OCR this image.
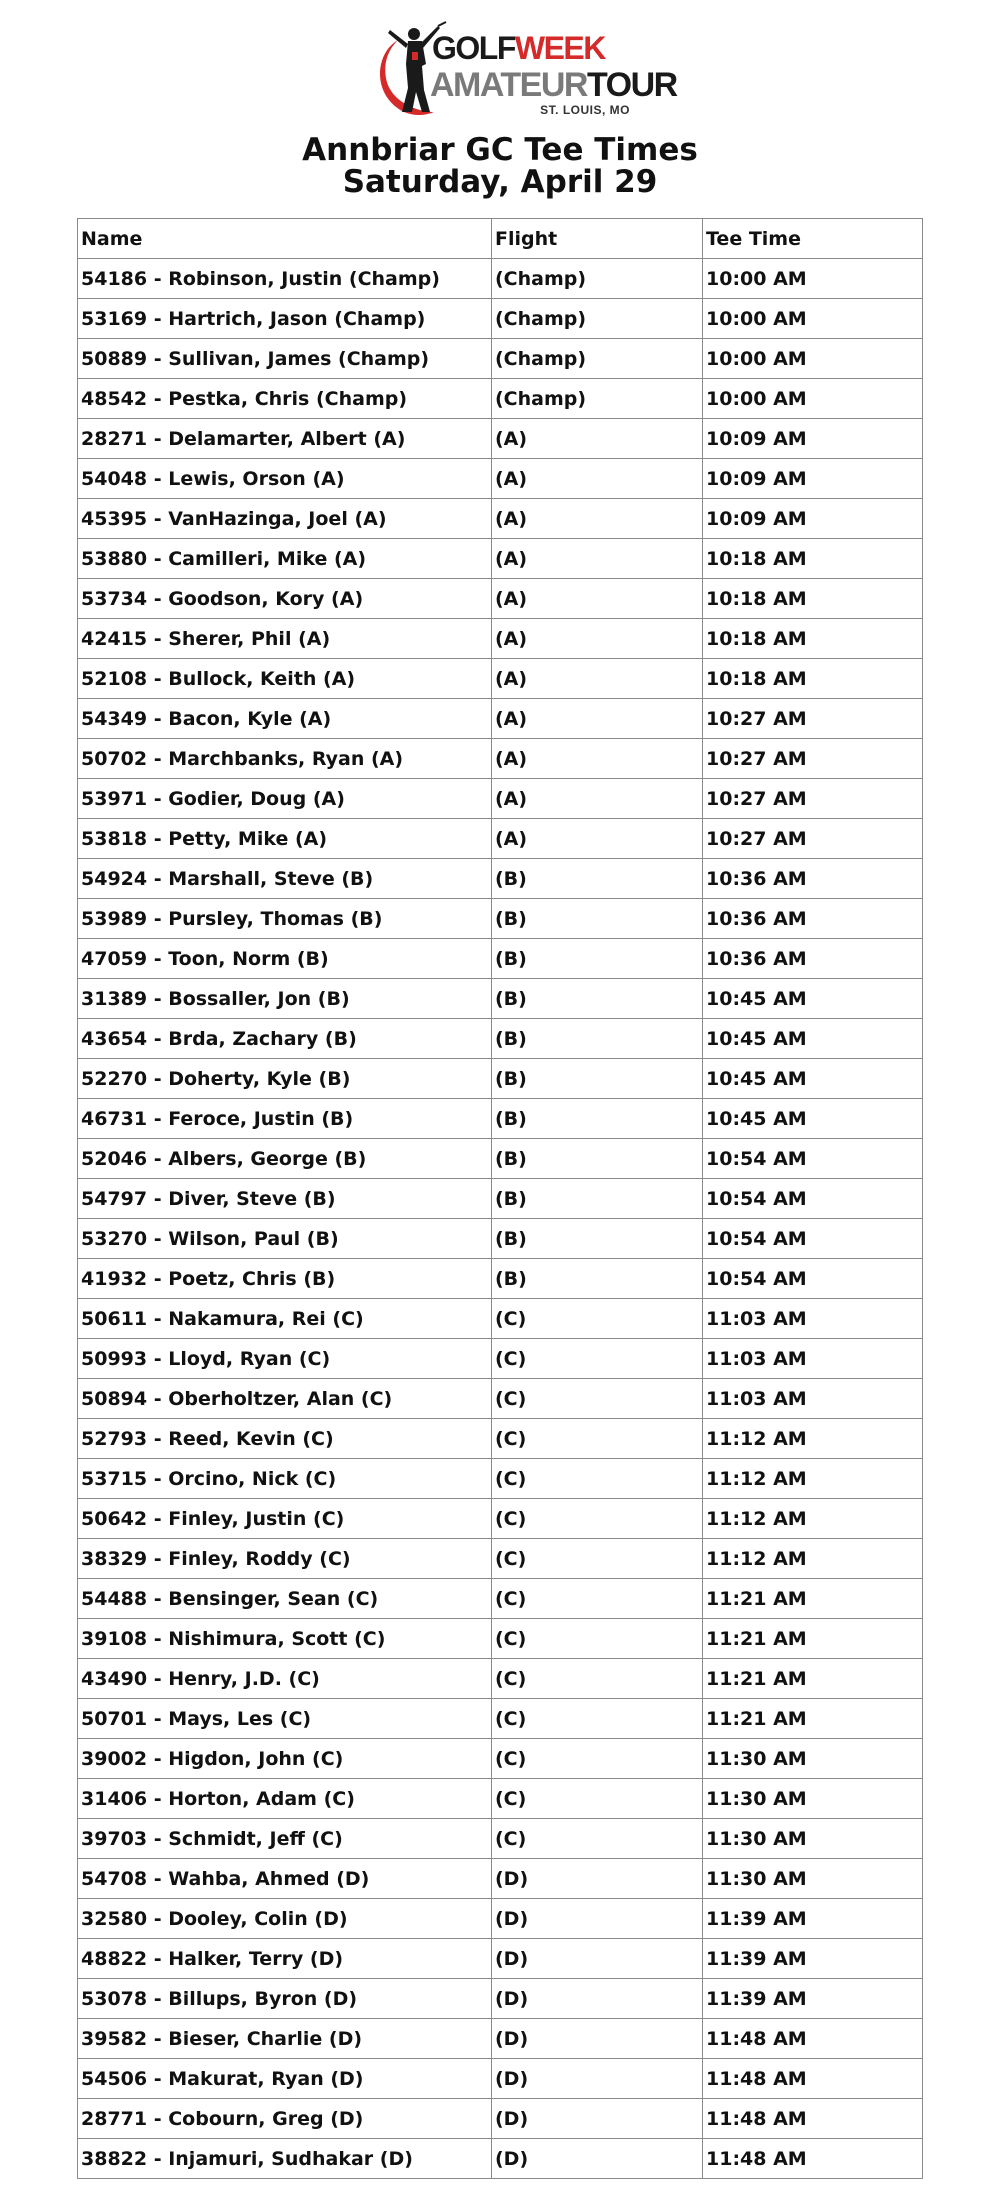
GOLFWEEK
AMATEURTOUR
ST. LOUIS, MO
Annbriar GC Tee Times
Saturday, April 29
Name	Flight	Tee Time
54186 - Robinson, Justin (Champ)	(Champ)	10:00 AM
53169 - Hartrich, Jason (Champ)	(Champ)	10:00 AM
50889 - Sullivan, James (Champ)	(Champ)	10:00 AM
48542 - Pestka, Chris (Champ)	(Champ)	10:00 AM
28271 - Delamarter, Albert (A)	(A)	10:09 AM
54048 - Lewis, Orson (A)	(A)	10:09 AM
45395 - VanHazinga, Joel (A)	(A)	10:09 AM
53880 - Camilleri, Mike (A)	(A)	10:18 AM
53734 - Goodson, Kory (A)	(A)	10:18 AM
42415 - Sherer, Phil (A)	(A)	10:18 AM
52108 - Bullock, Keith (A)	(A)	10:18 AM
54349 - Bacon, Kyle (A)	(A)	10:27 AM
50702 - Marchbanks, Ryan (A)	(A)	10:27 AM
53971 - Godier, Doug (A)	(A)	10:27 AM
53818 - Petty, Mike (A)	(A)	10:27 AM
54924 - Marshall, Steve (B)	(B)	10:36 AM
53989 - Pursley, Thomas (B)	(B)	10:36 AM
47059 - Toon, Norm (B)	(B)	10:36 AM
31389 - Bossaller, Jon (B)	(B)	10:45 AM
43654 - Brda, Zachary (B)	(B)	10:45 AM
52270 - Doherty, Kyle (B)	(B)	10:45 AM
46731 - Feroce, Justin (B)	(B)	10:45 AM
52046 - Albers, George (B)	(B)	10:54 AM
54797 - Diver, Steve (B)	(B)	10:54 AM
53270 - Wilson, Paul (B)	(B)	10:54 AM
41932 - Poetz, Chris (B)	(B)	10:54 AM
50611 - Nakamura, Rei (C)	(C)	11:03 AM
50993 - Lloyd, Ryan (C)	(C)	11:03 AM
50894 - Oberholtzer, Alan (C)	(C)	11:03 AM
52793 - Reed, Kevin (C)	(C)	11:12 AM
53715 - Orcino, Nick (C)	(C)	11:12 AM
50642 - Finley, Justin (C)	(C)	11:12 AM
38329 - Finley, Roddy (C)	(C)	11:12 AM
54488 - Bensinger, Sean (C)	(C)	11:21 AM
39108 - Nishimura, Scott (C)	(C)	11:21 AM
43490 - Henry, J.D. (C)	(C)	11:21 AM
50701 - Mays, Les (C)	(C)	11:21 AM
39002 - Higdon, John (C)	(C)	11:30 AM
31406 - Horton, Adam (C)	(C)	11:30 AM
39703 - Schmidt, Jeff (C)	(C)	11:30 AM
54708 - Wahba, Ahmed (D)	(D)	11:30 AM
32580 - Dooley, Colin (D)	(D)	11:39 AM
48822 - Halker, Terry (D)	(D)	11:39 AM
53078 - Billups, Byron (D)	(D)	11:39 AM
39582 - Bieser, Charlie (D)	(D)	11:48 AM
54506 - Makurat, Ryan (D)	(D)	11:48 AM
28771 - Cobourn, Greg (D)	(D)	11:48 AM
38822 - Injamuri, Sudhakar (D)	(D)	11:48 AM
